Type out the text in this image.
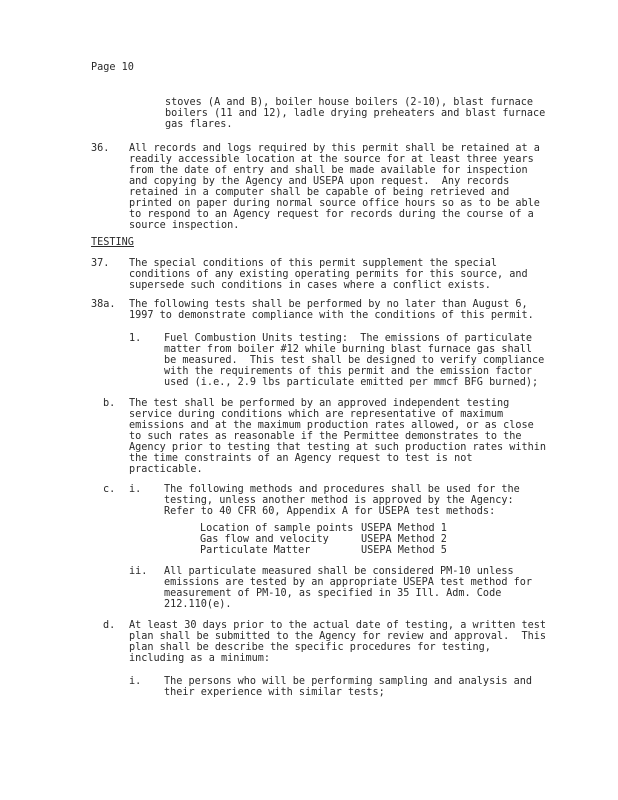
Page 10
stoves (A and B), boiler house boilers (2-10), blast furnace
boilers (11 and 12), ladle drying preheaters and blast furnace
gas flares.
36. All records and logs required by this permit shall be retained at a
readily accessible location at the source for at least three years
from the date of entry and shall be made available for inspection
and copying by the Agency and USEPA upon request.  Any records
retained in a computer shall be capable of being retrieved and
printed on paper during normal source office hours so as to be able
to respond to an Agency request for records during the course of a
source inspection.
TESTING
37. The special conditions of this permit supplement the special
conditions of any existing operating permits for this source, and
supersede such conditions in cases where a conflict exists.
38a. The following tests shall be performed by no later than August 6,
1997 to demonstrate compliance with the conditions of this permit.
1. Fuel Combustion Units testing:  The emissions of particulate
matter from boiler #12 while burning blast furnace gas shall
be measured.  This test shall be designed to verify compliance
with the requirements of this permit and the emission factor
used (i.e., 2.9 lbs particulate emitted per mmcf BFG burned);
b. The test shall be performed by an approved independent testing
service during conditions which are representative of maximum
emissions and at the maximum production rates allowed, or as close
to such rates as reasonable if the Permittee demonstrates to the
Agency prior to testing that testing at such production rates within
the time constraints of an Agency request to test is not
practicable.
c. i. The following methods and procedures shall be used for the
testing, unless another method is approved by the Agency:
Refer to 40 CFR 60, Appendix A for USEPA test methods:
Location of sample points USEPA Method 1
Gas flow and velocity	USEPA Method 2
Particulate Matter	USEPA Method 5
ii. All particulate measured shall be considered PM-10 unless
emissions are tested by an appropriate USEPA test method for
measurement of PM-10, as specified in 35 Ill. Adm. Code
212.110(e).
d. At least 30 days prior to the actual date of testing, a written test
plan shall be submitted to the Agency for review and approval.  This
plan shall be describe the specific procedures for testing,
including as a minimum:
i. The persons who will be performing sampling and analysis and
their experience with similar tests;
